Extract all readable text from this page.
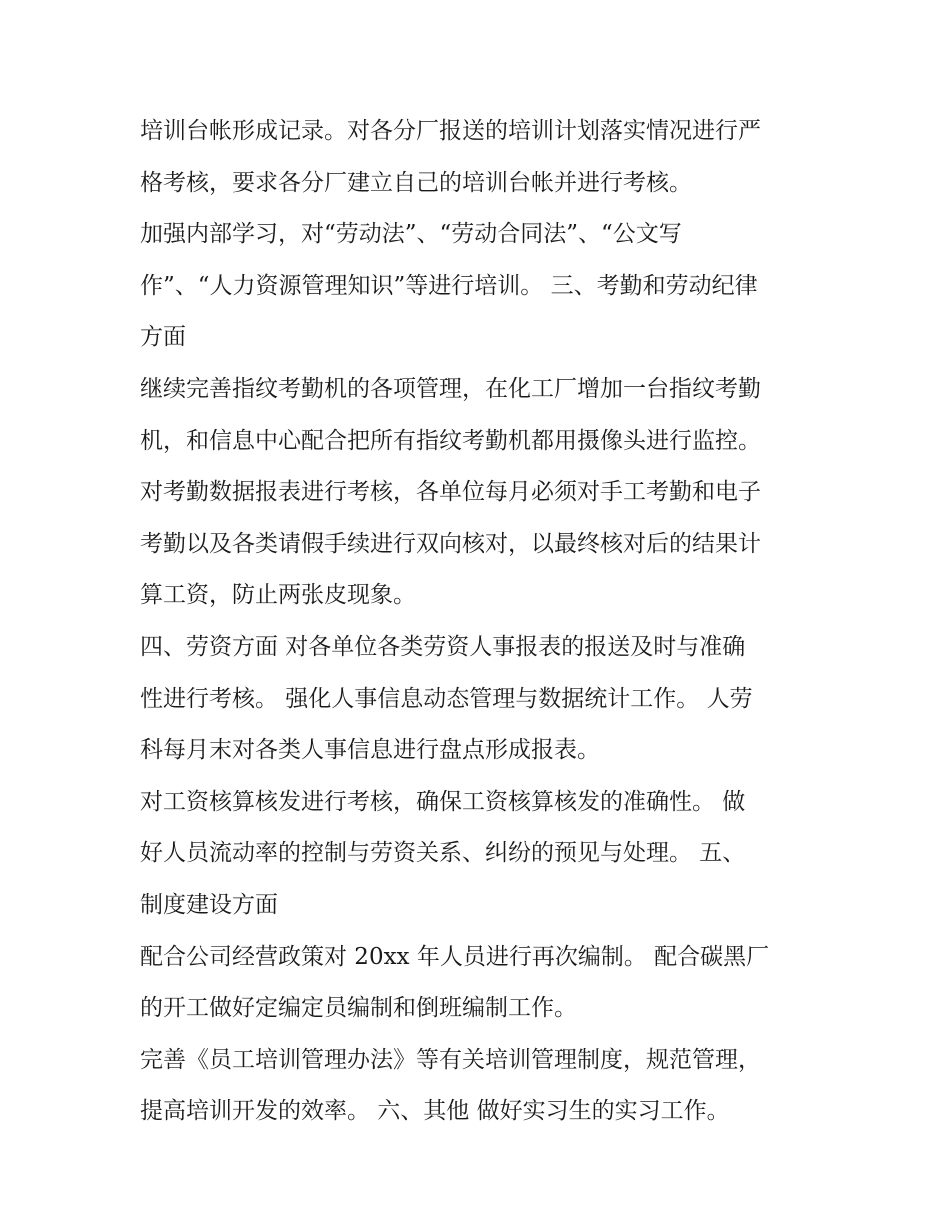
培训台帐形成记录。对各分厂报送的培训计划落实情况进行严
格考核，要求各分厂建立自己的培训台帐并进行考核。
加强内部学习，对“劳动法”、“劳动合同法”、“公文写
作”、“人力资源管理知识”等进行培训。 三、考勤和劳动纪律
方面
继续完善指纹考勤机的各项管理，在化工厂增加一台指纹考勤
机，和信息中心配合把所有指纹考勤机都用摄像头进行监控。
对考勤数据报表进行考核，各单位每月必须对手工考勤和电子
考勤以及各类请假手续进行双向核对，以最终核对后的结果计
算工资，防止两张皮现象。
四、劳资方面 对各单位各类劳资人事报表的报送及时与准确
性进行考核。 强化人事信息动态管理与数据统计工作。 人劳
科每月末对各类人事信息进行盘点形成报表。
对工资核算核发进行考核，确保工资核算核发的准确性。 做
好人员流动率的控制与劳资关系、纠纷的预见与处理。 五、
制度建设方面
配合公司经营政策对 20xx 年人员进行再次编制。 配合碳黑厂
的开工做好定编定员编制和倒班编制工作。
完善《员工培训管理办法》等有关培训管理制度，规范管理，
提高培训开发的效率。 六、其他 做好实习生的实习工作。
